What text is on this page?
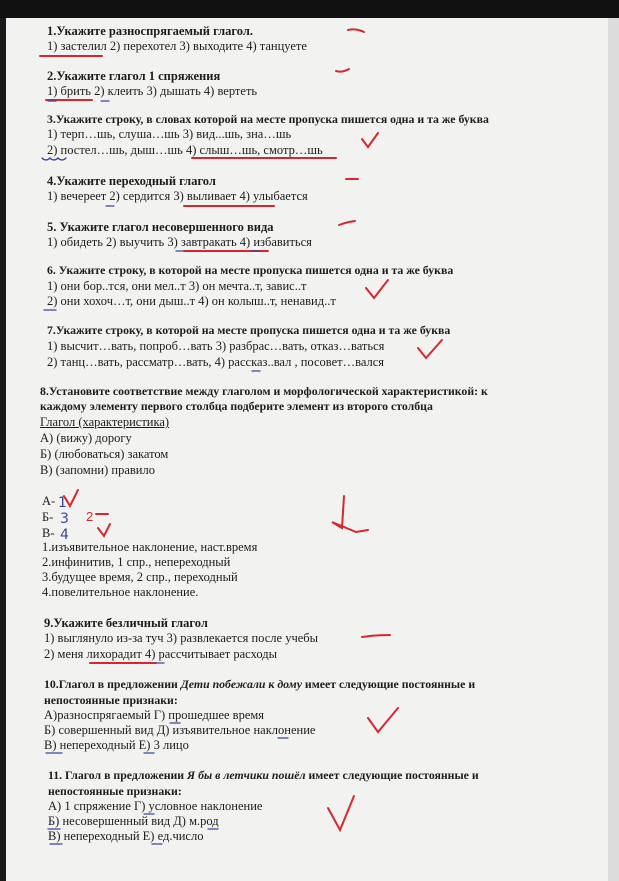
1.Укажите разноспрягаемый глагол.
1) застелил 2) перехотел 3) выходите 4) танцуете
2.Укажите глагол 1 спряжения
1) брить 2) клеить 3) дышать 4) вертеть
3.Укажите строку, в словах которой на месте пропуска пишется одна и та же буква
1) терп…шь, слуша…шь 3) вид...шь, зна…шь
2) постел…шь, дыш…шь 4) слыш…шь, смотр…шь
4.Укажите переходный глагол
1) вечереет 2) сердится 3) выливает 4) улыбается
5. Укажите глагол несовершенного вида
1) обидеть 2) выучить 3) завтракать 4) избавиться
6. Укажите строку, в которой на месте пропуска пишется одна и та же буква
1) они бор..тся, они мел..т 3) он мечта..т, завис..т
2) они хохоч…т, они дыш..т 4) он колыш..т, ненавид..т
7.Укажите строку, в которой на месте пропуска пишется одна и та же буква
1) высчит…вать, попроб…вать 3) разбрас…вать, отказ…ваться
2) танц…вать, рассматр…вать, 4) рассказ..вал , посовет…вался
8.Установите соответствие между глаголом и морфологической характеристикой: к
каждому элементу первого столбца подберите элемент из второго столбца
Глагол (характеристика)
А) (вижу) дорогу
Б) (любоваться) закатом
В) (запомни) правило
А-
Б-
В-
1.изъявительное наклонение, наст.время
2.инфинитив, 1 спр., непереходный
3.будущее время, 2 спр., переходный
4.повелительное наклонение.
9.Укажите безличный глагол
1) выглянуло из-за туч 3) развлекается после учебы
2) меня лихорадит 4) рассчитывает расходы
10.Глагол в предложении Дети побежали к дому имеет следующие постоянные и
непостоянные признаки:
А)разноспрягаемый Г) прошедшее время
Б) совершенный вид Д) изъявительное наклонение
В) непереходный Е) 3 лицо
11. Глагол в предложении Я бы в летчики пошёл имеет следующие постоянные и
непостоянные признаки:
А) 1 спряжение Г) условное наклонение
Б) несовершенный вид Д) м.род
В) непереходный Е) ед.число
1
3 2
4
